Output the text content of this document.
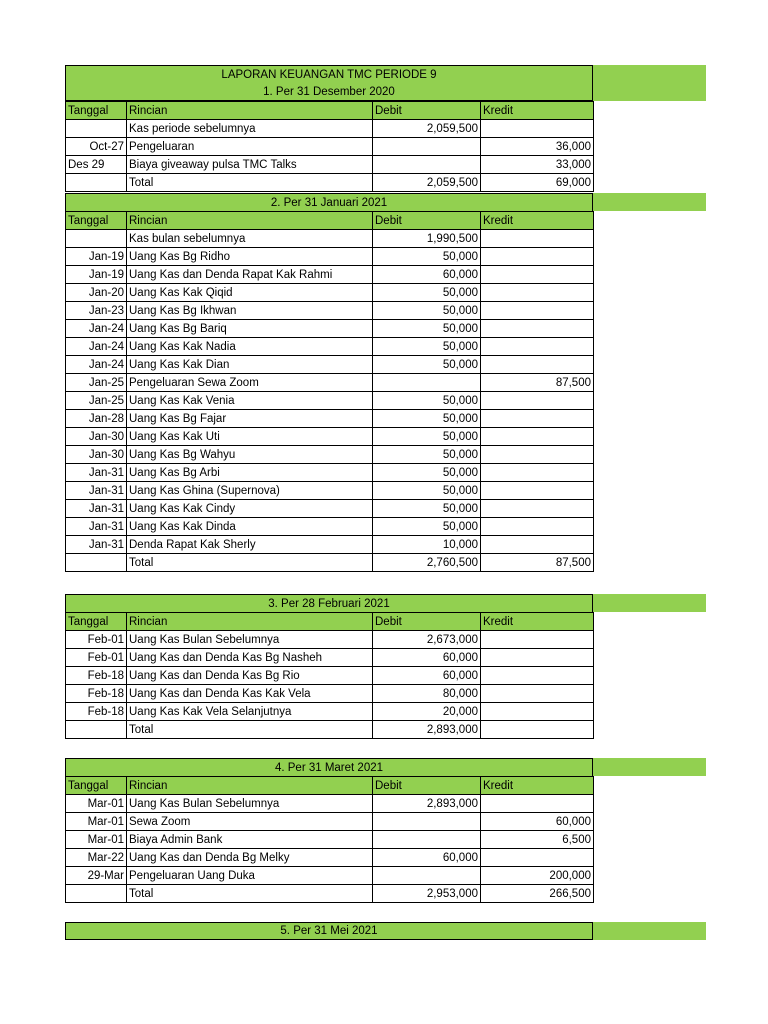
LAPORAN KEUANGAN TMC PERIODE 9
1. Per 31 Desember 2020
Tanggal	Rincian	Debit	Kredit
	Kas periode sebelumnya	2,059,500	
Oct-27	Pengeluaran		36,000
Des 29	Biaya giveaway pulsa TMC Talks		33,000
	Total	2,059,500	69,000
2. Per 31 Januari 2021
Tanggal	Rincian	Debit	Kredit
	Kas bulan sebelumnya	1,990,500	
Jan-19	Uang Kas Bg Ridho	50,000	
Jan-19	Uang Kas dan Denda Rapat Kak Rahmi	60,000	
Jan-20	Uang Kas Kak Qiqid	50,000	
Jan-23	Uang Kas Bg Ikhwan	50,000	
Jan-24	Uang Kas Bg Bariq	50,000	
Jan-24	Uang Kas Kak Nadia	50,000	
Jan-24	Uang Kas Kak Dian	50,000	
Jan-25	Pengeluaran Sewa Zoom		87,500
Jan-25	Uang Kas Kak Venia	50,000	
Jan-28	Uang Kas Bg Fajar	50,000	
Jan-30	Uang Kas Kak Uti	50,000	
Jan-30	Uang Kas Bg Wahyu	50,000	
Jan-31	Uang Kas Bg Arbi	50,000	
Jan-31	Uang Kas Ghina (Supernova)	50,000	
Jan-31	Uang Kas Kak Cindy	50,000	
Jan-31	Uang Kas Kak Dinda	50,000	
Jan-31	Denda Rapat Kak Sherly	10,000	
	Total	2,760,500	87,500
3. Per 28 Februari 2021
Tanggal	Rincian	Debit	Kredit
Feb-01	Uang Kas Bulan Sebelumnya	2,673,000	
Feb-01	Uang Kas dan Denda Kas Bg Nasheh	60,000	
Feb-18	Uang Kas dan Denda Kas Bg Rio	60,000	
Feb-18	Uang Kas dan Denda Kas Kak Vela	80,000	
Feb-18	Uang Kas Kak Vela Selanjutnya	20,000	
	Total	2,893,000	
4. Per 31 Maret 2021
Tanggal	Rincian	Debit	Kredit
Mar-01	Uang Kas Bulan Sebelumnya	2,893,000	
Mar-01	Sewa Zoom		60,000
Mar-01	Biaya Admin Bank		6,500
Mar-22	Uang Kas dan Denda Bg Melky	60,000	
29-Mar	Pengeluaran Uang Duka		200,000
	Total	2,953,000	266,500
5. Per 31 Mei 2021
